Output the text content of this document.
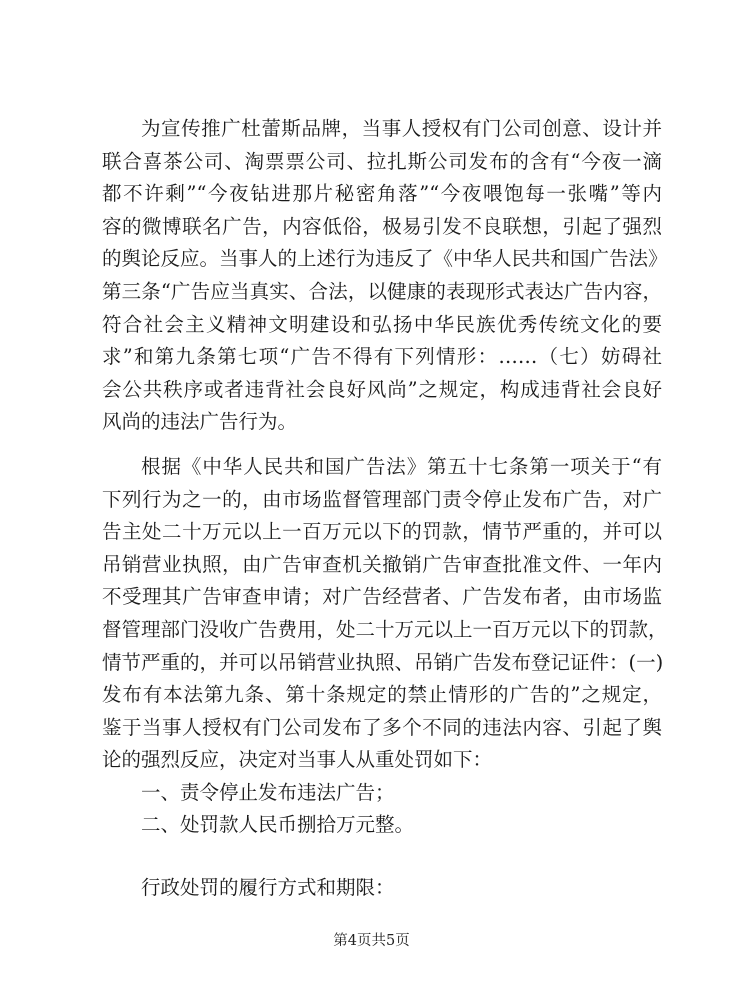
为宣传推广杜蕾斯品牌，当事人授权有门公司创意、设计并
联合喜茶公司、淘票票公司、拉扎斯公司发布的含有“今夜一滴
都不许剩”“今夜钻进那片秘密角落”“今夜喂饱每一张嘴”等内
容的微博联名广告，内容低俗，极易引发不良联想，引起了强烈
的舆论反应。当事人的上述行为违反了《中华人民共和国广告法》
第三条“广告应当真实、合法，以健康的表现形式表达广告内容，
符合社会主义精神文明建设和弘扬中华民族优秀传统文化的要
求”和第九条第七项“广告不得有下列情形：……（七）妨碍社
会公共秩序或者违背社会良好风尚”之规定，构成违背社会良好
风尚的违法广告行为。
根据《中华人民共和国广告法》第五十七条第一项关于“有
下列行为之一的，由市场监督管理部门责令停止发布广告，对广
告主处二十万元以上一百万元以下的罚款，情节严重的，并可以
吊销营业执照，由广告审查机关撤销广告审查批准文件、一年内
不受理其广告审查申请；对广告经营者、广告发布者，由市场监
督管理部门没收广告费用，处二十万元以上一百万元以下的罚款，
情节严重的，并可以吊销营业执照、吊销广告发布登记证件：(一)
发布有本法第九条、第十条规定的禁止情形的广告的”之规定，
鉴于当事人授权有门公司发布了多个不同的违法内容、引起了舆
论的强烈反应，决定对当事人从重处罚如下：
一、责令停止发布违法广告；
二、处罚款人民币捌拾万元整。
行政处罚的履行方式和期限：
第4页共5页
